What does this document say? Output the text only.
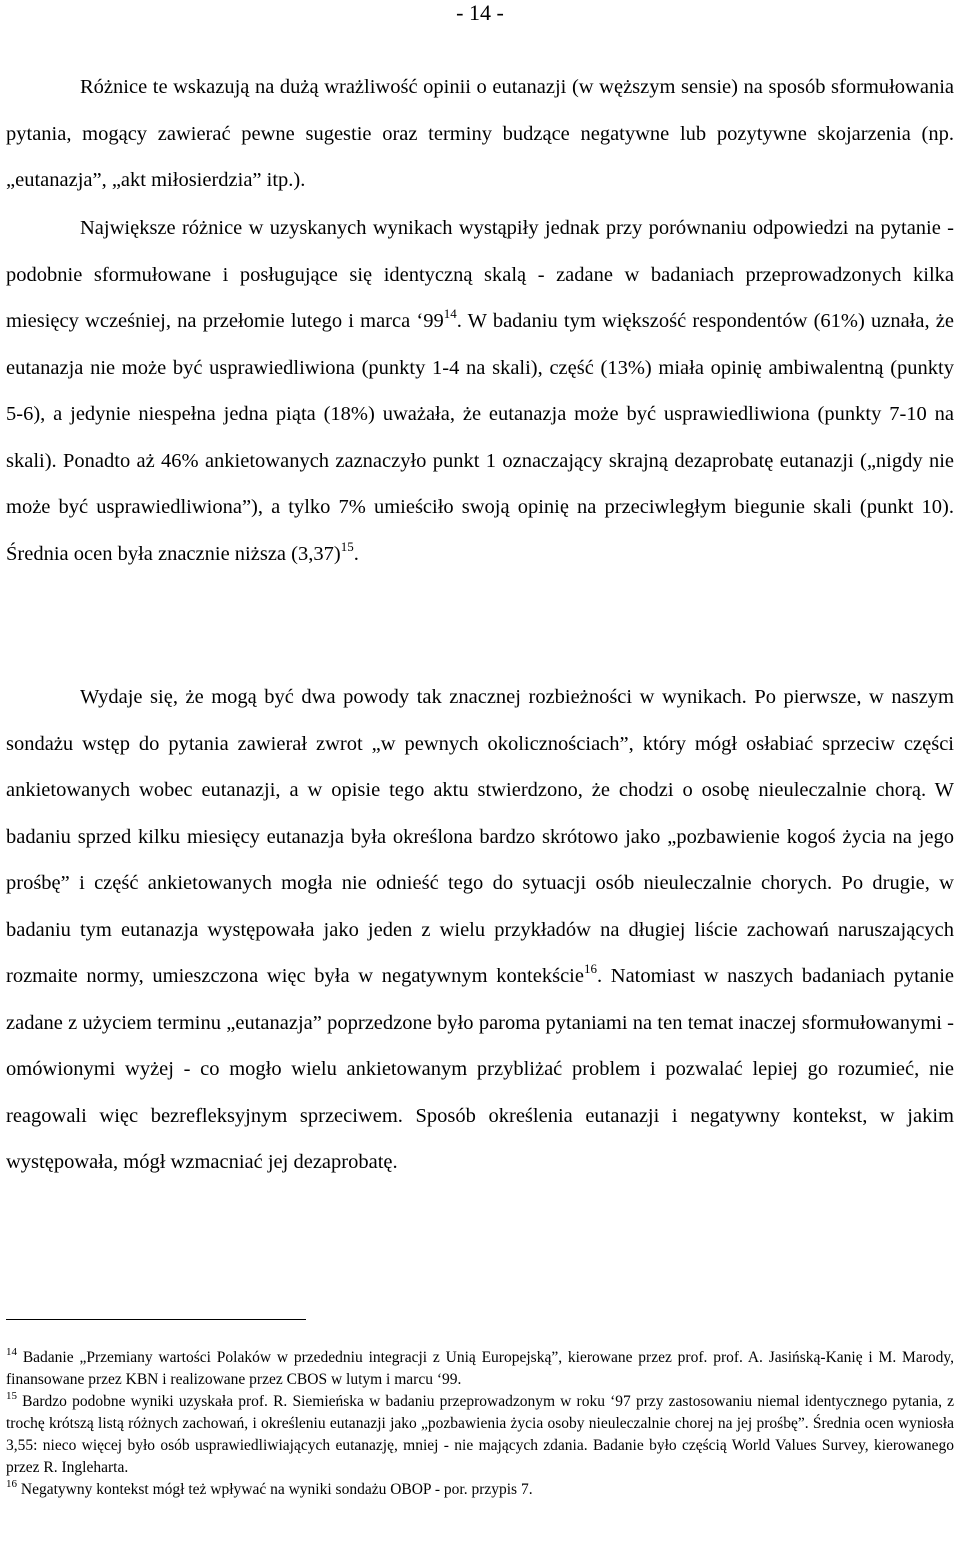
- 14 -

Różnice te wskazują na dużą wrażliwość opinii o eutanazji (w węższym sensie) na sposób sformułowania pytania, mogący zawierać pewne sugestie oraz terminy budzące negatywne lub pozytywne skojarzenia (np. „eutanazja”, „akt miłosierdzia” itp.).

Największe różnice w uzyskanych wynikach wystąpiły jednak przy porównaniu odpowiedzi na pytanie - podobnie sformułowane i posługujące się identyczną skalą - zadane w badaniach przeprowadzonych kilka miesięcy wcześniej, na przełomie lutego i marca ‘$99^{14}$. W badaniu tym większość respondentów (61%) uznała, że eutanazja nie może być usprawiedliwiona (punkty 1-4 na skali), część (13%) miała opinię ambiwalentną (punkty 5-6), a jedynie niespełna jedna piąta (18%) uważała, że eutanazja może być usprawiedliwiona (punkty 7-10 na skali). Ponadto aż 46% ankietowanych zaznaczyło punkt 1 oznaczający skrajną dezaprobatę eutanazji („nigdy nie może być usprawiedliwiona”), a tylko 7% umieściło swoją opinię na przeciwległym biegunie skali (punkt 10). Średnia ocen była znacznie niższa $(3,37)^{15}$.

Wydaje się, że mogą być dwa powody tak znacznej rozbieżności w wynikach. Po pierwsze, w naszym sondażu wstęp do pytania zawierał zwrot „w pewnych okolicznościach”, który mógł osłabiać sprzeciw części ankietowanych wobec eutanazji, a w opisie tego aktu stwierdzono, że chodzi o osobę nieuleczalnie chorą. W badaniu sprzed kilku miesięcy eutanazja była określona bardzo skrótowo jako „pozbawienie kogoś życia na jego prośbę” i część ankietowanych mogła nie odnieść tego do sytuacji osób nieuleczalnie chorych. Po drugie, w badaniu tym eutanazja występowała jako jeden z wielu przykładów na długiej liście zachowań naruszających rozmaite normy, umieszczona więc była w negatywnym kontekście$^{16}$. Natomiast w naszych badaniach pytanie zadane z użyciem terminu „eutanazja” poprzedzone było paroma pytaniami na ten temat inaczej sformułowanymi - omówionymi wyżej - co mogło wielu ankietowanym przybliżać problem i pozwalać lepiej go rozumieć, nie reagowali więc bezrefleksyjnym sprzeciwem. Sposób określenia eutanazji i negatywny kontekst, w jakim występowała, mógł wzmacniać jej dezaprobatę.

$^{14}$ Badanie „Przemiany wartości Polaków w przededniu integracji z Unią Europejską”, kierowane przez prof. prof. A. Jasińską-Kanię i M. Marody, finansowane przez KBN i realizowane przez CBOS w lutym i marcu ‘99.

$^{15}$ Bardzo podobne wyniki uzyskała prof. R. Siemieńska w badaniu przeprowadzonym w roku ‘97 przy zastosowaniu niemal identycznego pytania, z trochę krótszą listą różnych zachowań, i określeniu eutanazji jako „pozbawienia życia osoby nieuleczalnie chorej na jej prośbę”. Średnia ocen wyniosła 3,55: nieco więcej było osób usprawiedliwiających eutanazję, mniej - nie mających zdania. Badanie było częścią World Values Survey, kierowanego przez R. Ingleharta.

$^{16}$ Negatywny kontekst mógł też wpływać na wyniki sondażu OBOP - por. przypis 7.
